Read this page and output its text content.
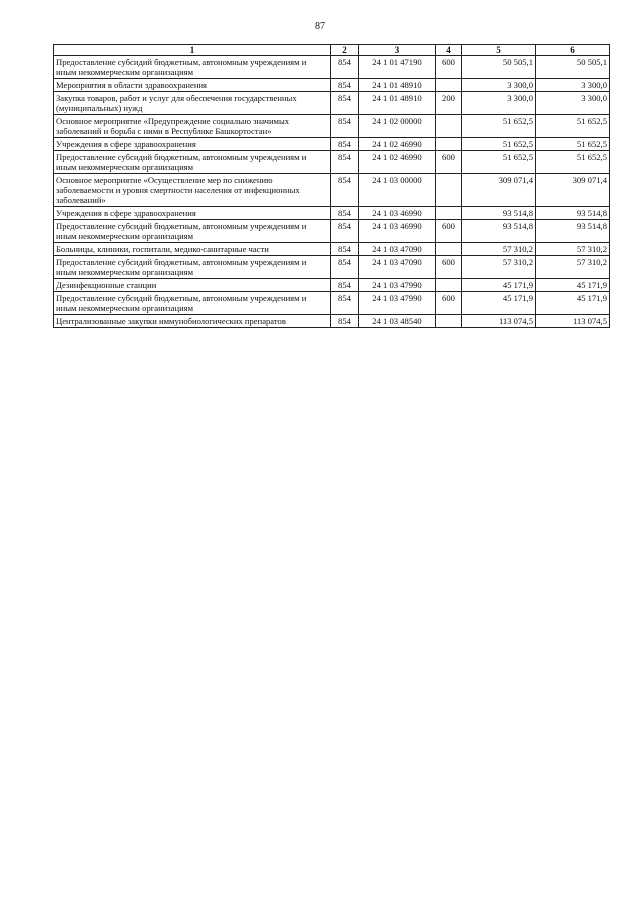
87
1	2	3	4	5	6
Предоставление субсидий бюджетным, автономным учреждениям и иным некоммерческим организациям	854	24 1 01 47190	600	50 505,1	50 505,1
Мероприятия в области здравоохранения	854	24 1 01 48910		3 300,0	3 300,0
Закупка товаров, работ и услуг для обеспечения государственных (муниципальных) нужд	854	24 1 01 48910	200	3 300,0	3 300,0
Основное мероприятие «Предупреждение социально значимых заболеваний и борьба с ними в Республике Башкортостан»	854	24 1 02 00000		51 652,5	51 652,5
Учреждения в сфере здравоохранения	854	24 1 02 46990		51 652,5	51 652,5
Предоставление субсидий бюджетным, автономным учреждениям и иным некоммерческим организациям	854	24 1 02 46990	600	51 652,5	51 652,5
Основное мероприятие «Осуществление мер по снижению заболеваемости и уровня смертности населения от инфекционных заболеваний»	854	24 1 03 00000		309 071,4	309 071,4
Учреждения в сфере здравоохранения	854	24 1 03 46990		93 514,8	93 514,8
Предоставление субсидий бюджетным, автономным учреждениям и иным некоммерческим организациям	854	24 1 03 46990	600	93 514,8	93 514,8
Больницы, клиники, госпитали, медико-санитарные части	854	24 1 03 47090		57 310,2	57 310,2
Предоставление субсидий бюджетным, автономным учреждениям и иным некоммерческим организациям	854	24 1 03 47090	600	57 310,2	57 310,2
Дезинфекционные станции	854	24 1 03 47990		45 171,9	45 171,9
Предоставление субсидий бюджетным, автономным учреждениям и иным некоммерческим организациям	854	24 1 03 47990	600	45 171,9	45 171,9
Централизованные закупки иммунобиологических препаратов	854	24 1 03 48540		113 074,5	113 074,5
